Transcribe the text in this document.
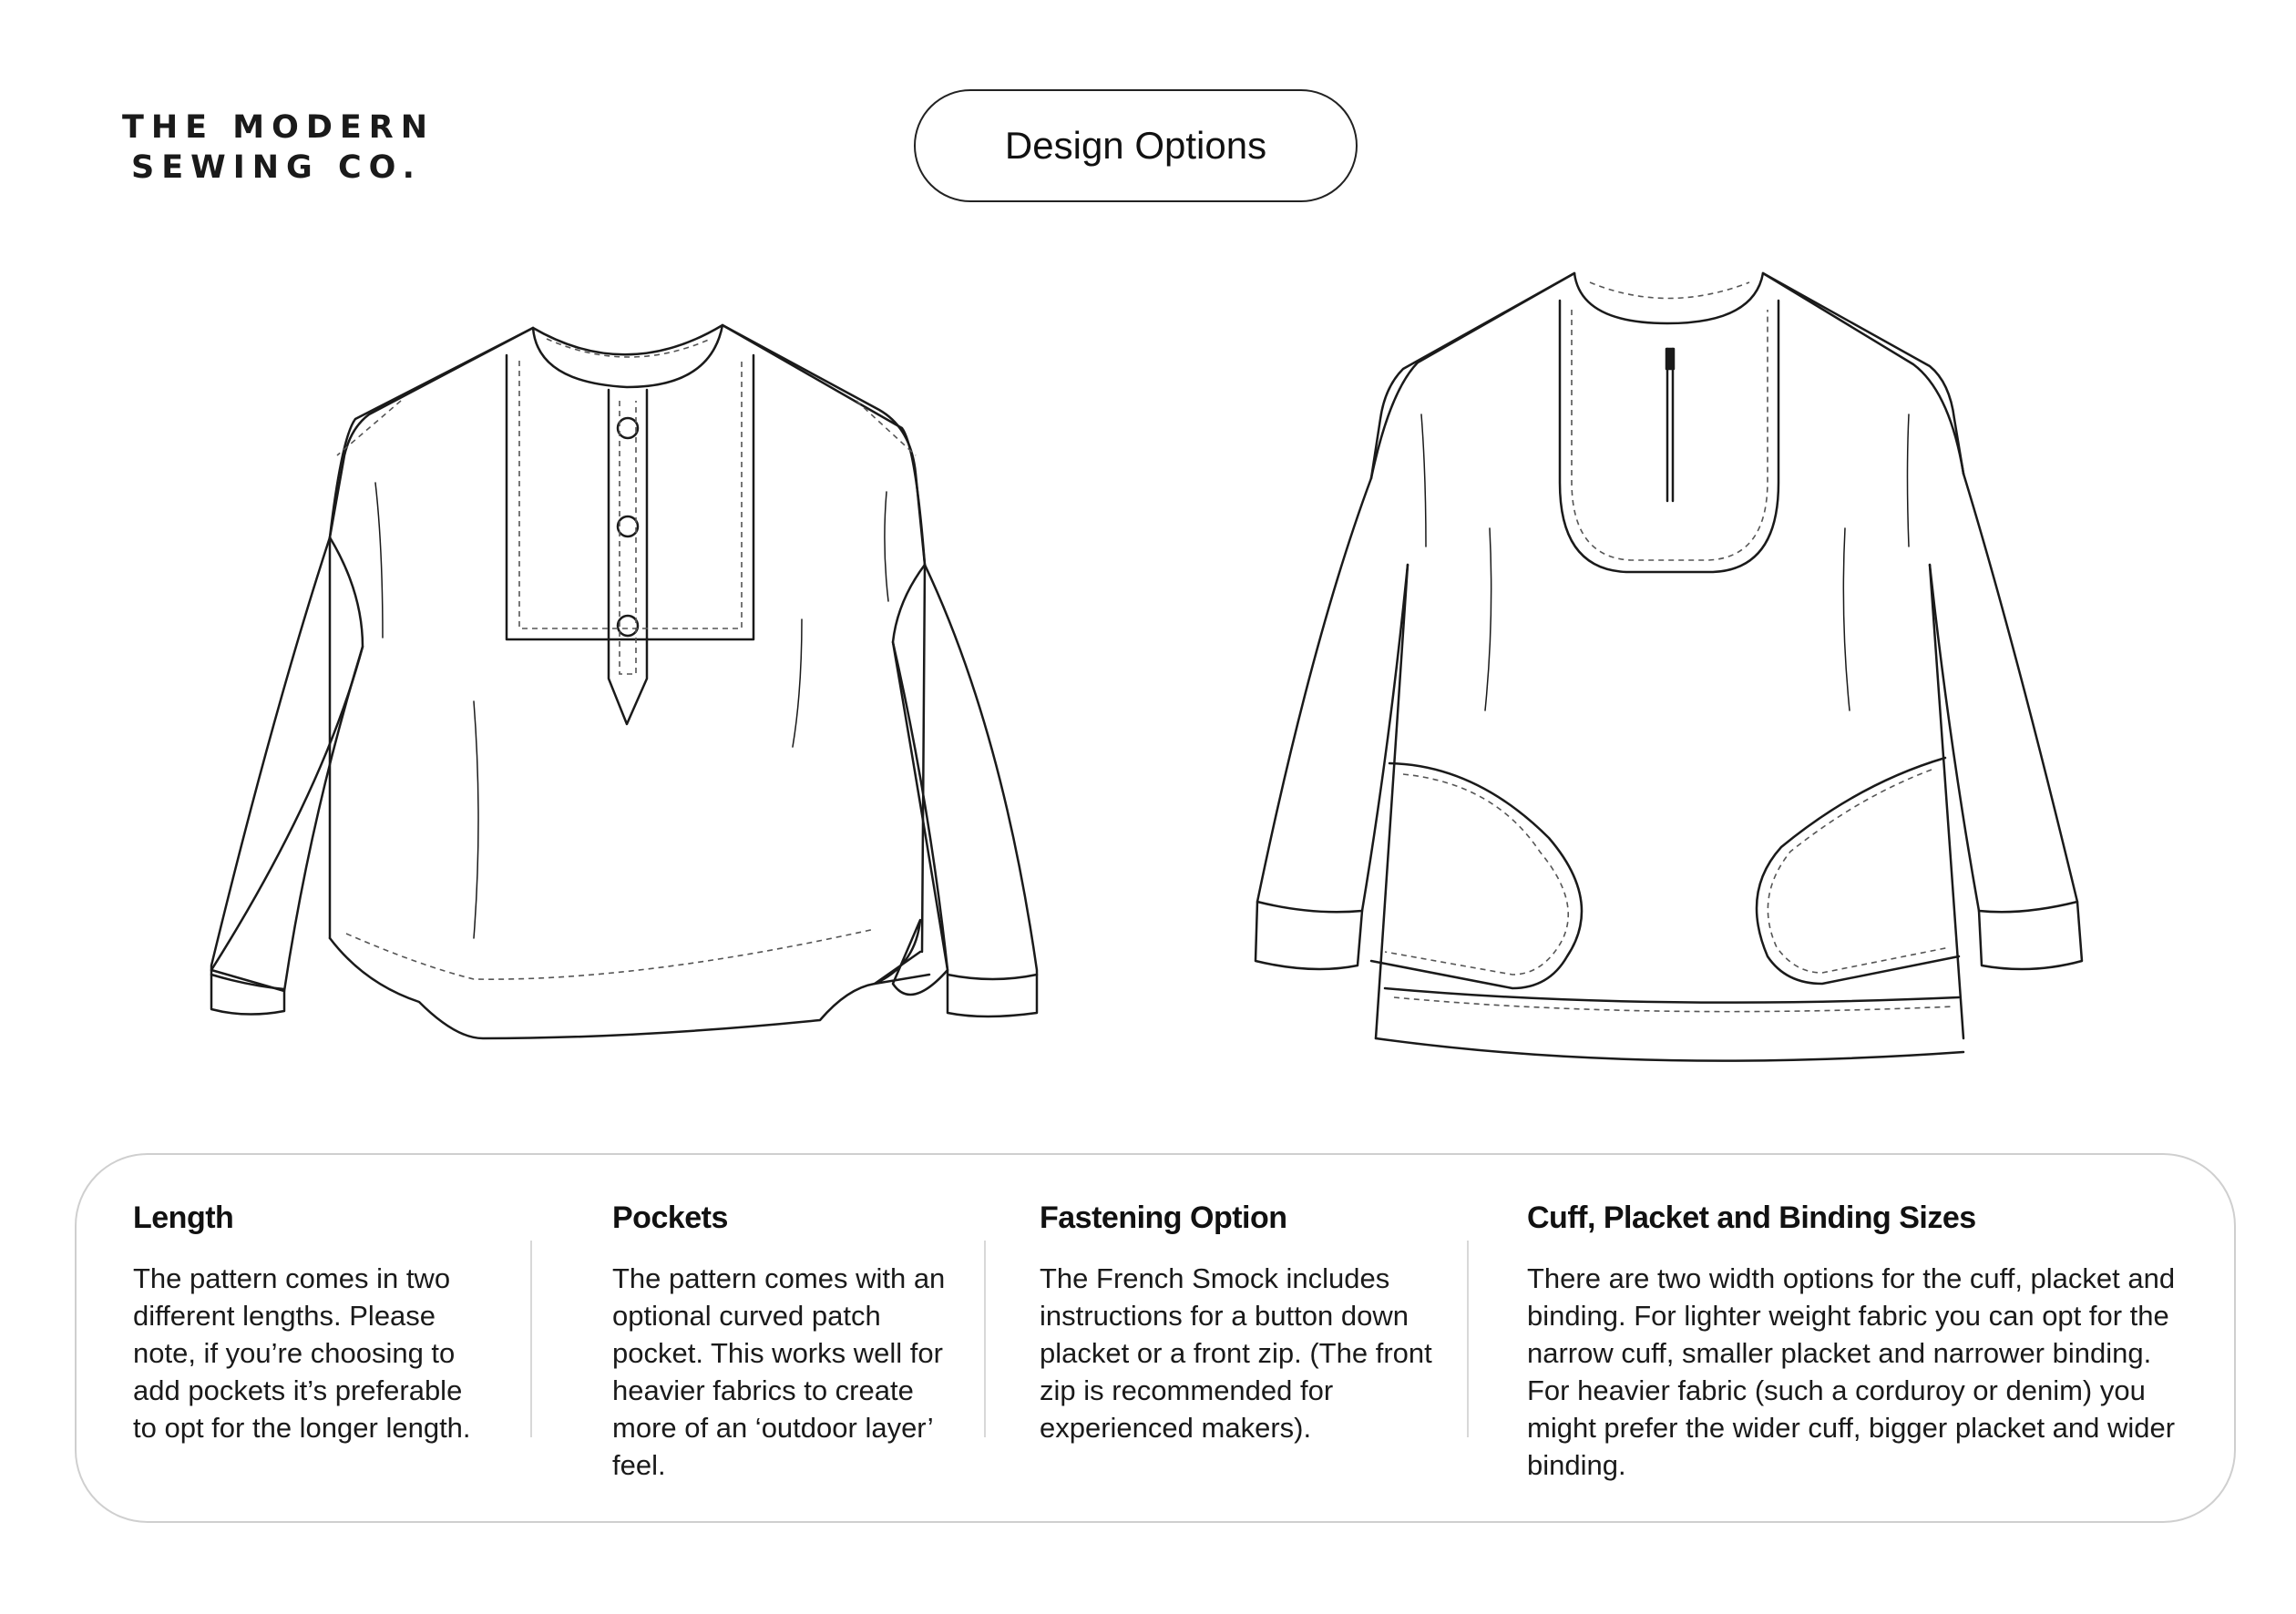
THE MODERN
SEWING CO.
Design Options
Length

The pattern comes in two different lengths. Please note, if you’re choosing to add pockets it’s preferable to opt for the longer length.

Pockets

The pattern comes with an optional curved patch pocket. This works well for heavier fabrics to create more of an ‘outdoor layer’ feel.

Fastening Option

The French Smock includes instructions for a button down placket or a front zip. (The front zip is recommended for experienced makers).

Cuff, Placket and Binding Sizes

There are two width options for the cuff, placket and binding. For lighter weight fabric you can opt for the narrow cuff, smaller placket and narrower binding. For heavier fabric (such a corduroy or denim) you might prefer the wider cuff, bigger placket and wider binding.
